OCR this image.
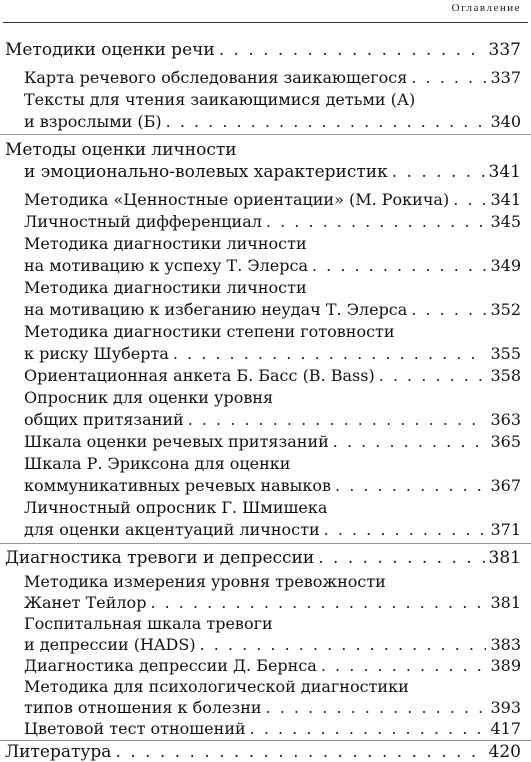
Оглавление
Методики оценки речи . . .	337
Карта речевого обследования заикающегося . . .	337
Тексты для чтения заикающимися детьми (А)
и взрослыми (Б) . . .	340
Методы оценки личности
и эмоционально-волевых характеристик . . .	341
Методика «Ценностные ориентации» (М. Рокича) . . .	341
Личностный дифференциал . . .	345
Методика диагностики личности
на мотивацию к успеху Т. Элерса . . .	349
Методика диагностики личности
на мотивацию к избеганию неудач Т. Элерса . . .	352
Методика диагностики степени готовности
к риску Шуберта . . .	355
Ориентационная анкета Б. Басс (B. Bass) . . .	358
Опросник для оценки уровня
общих притязаний . . .	363
Шкала оценки речевых притязаний . . .	365
Шкала Р. Эриксона для оценки
коммуникативных речевых навыков . . .	367
Личностный опросник Г. Шмишека
для оценки акцентуаций личности . . .	371
Диагностика тревоги и депрессии . . .	381
Методика измерения уровня тревожности
Жанет Тейлор . . .	381
Госпитальная шкала тревоги
и депрессии (HADS) . . .	383
Диагностика депрессии Д. Бернса . . .	389
Методика для психологической диагностики
типов отношения к болезни . . .	393
Цветовой тест отношений . . .	417
Литература . . .	420
